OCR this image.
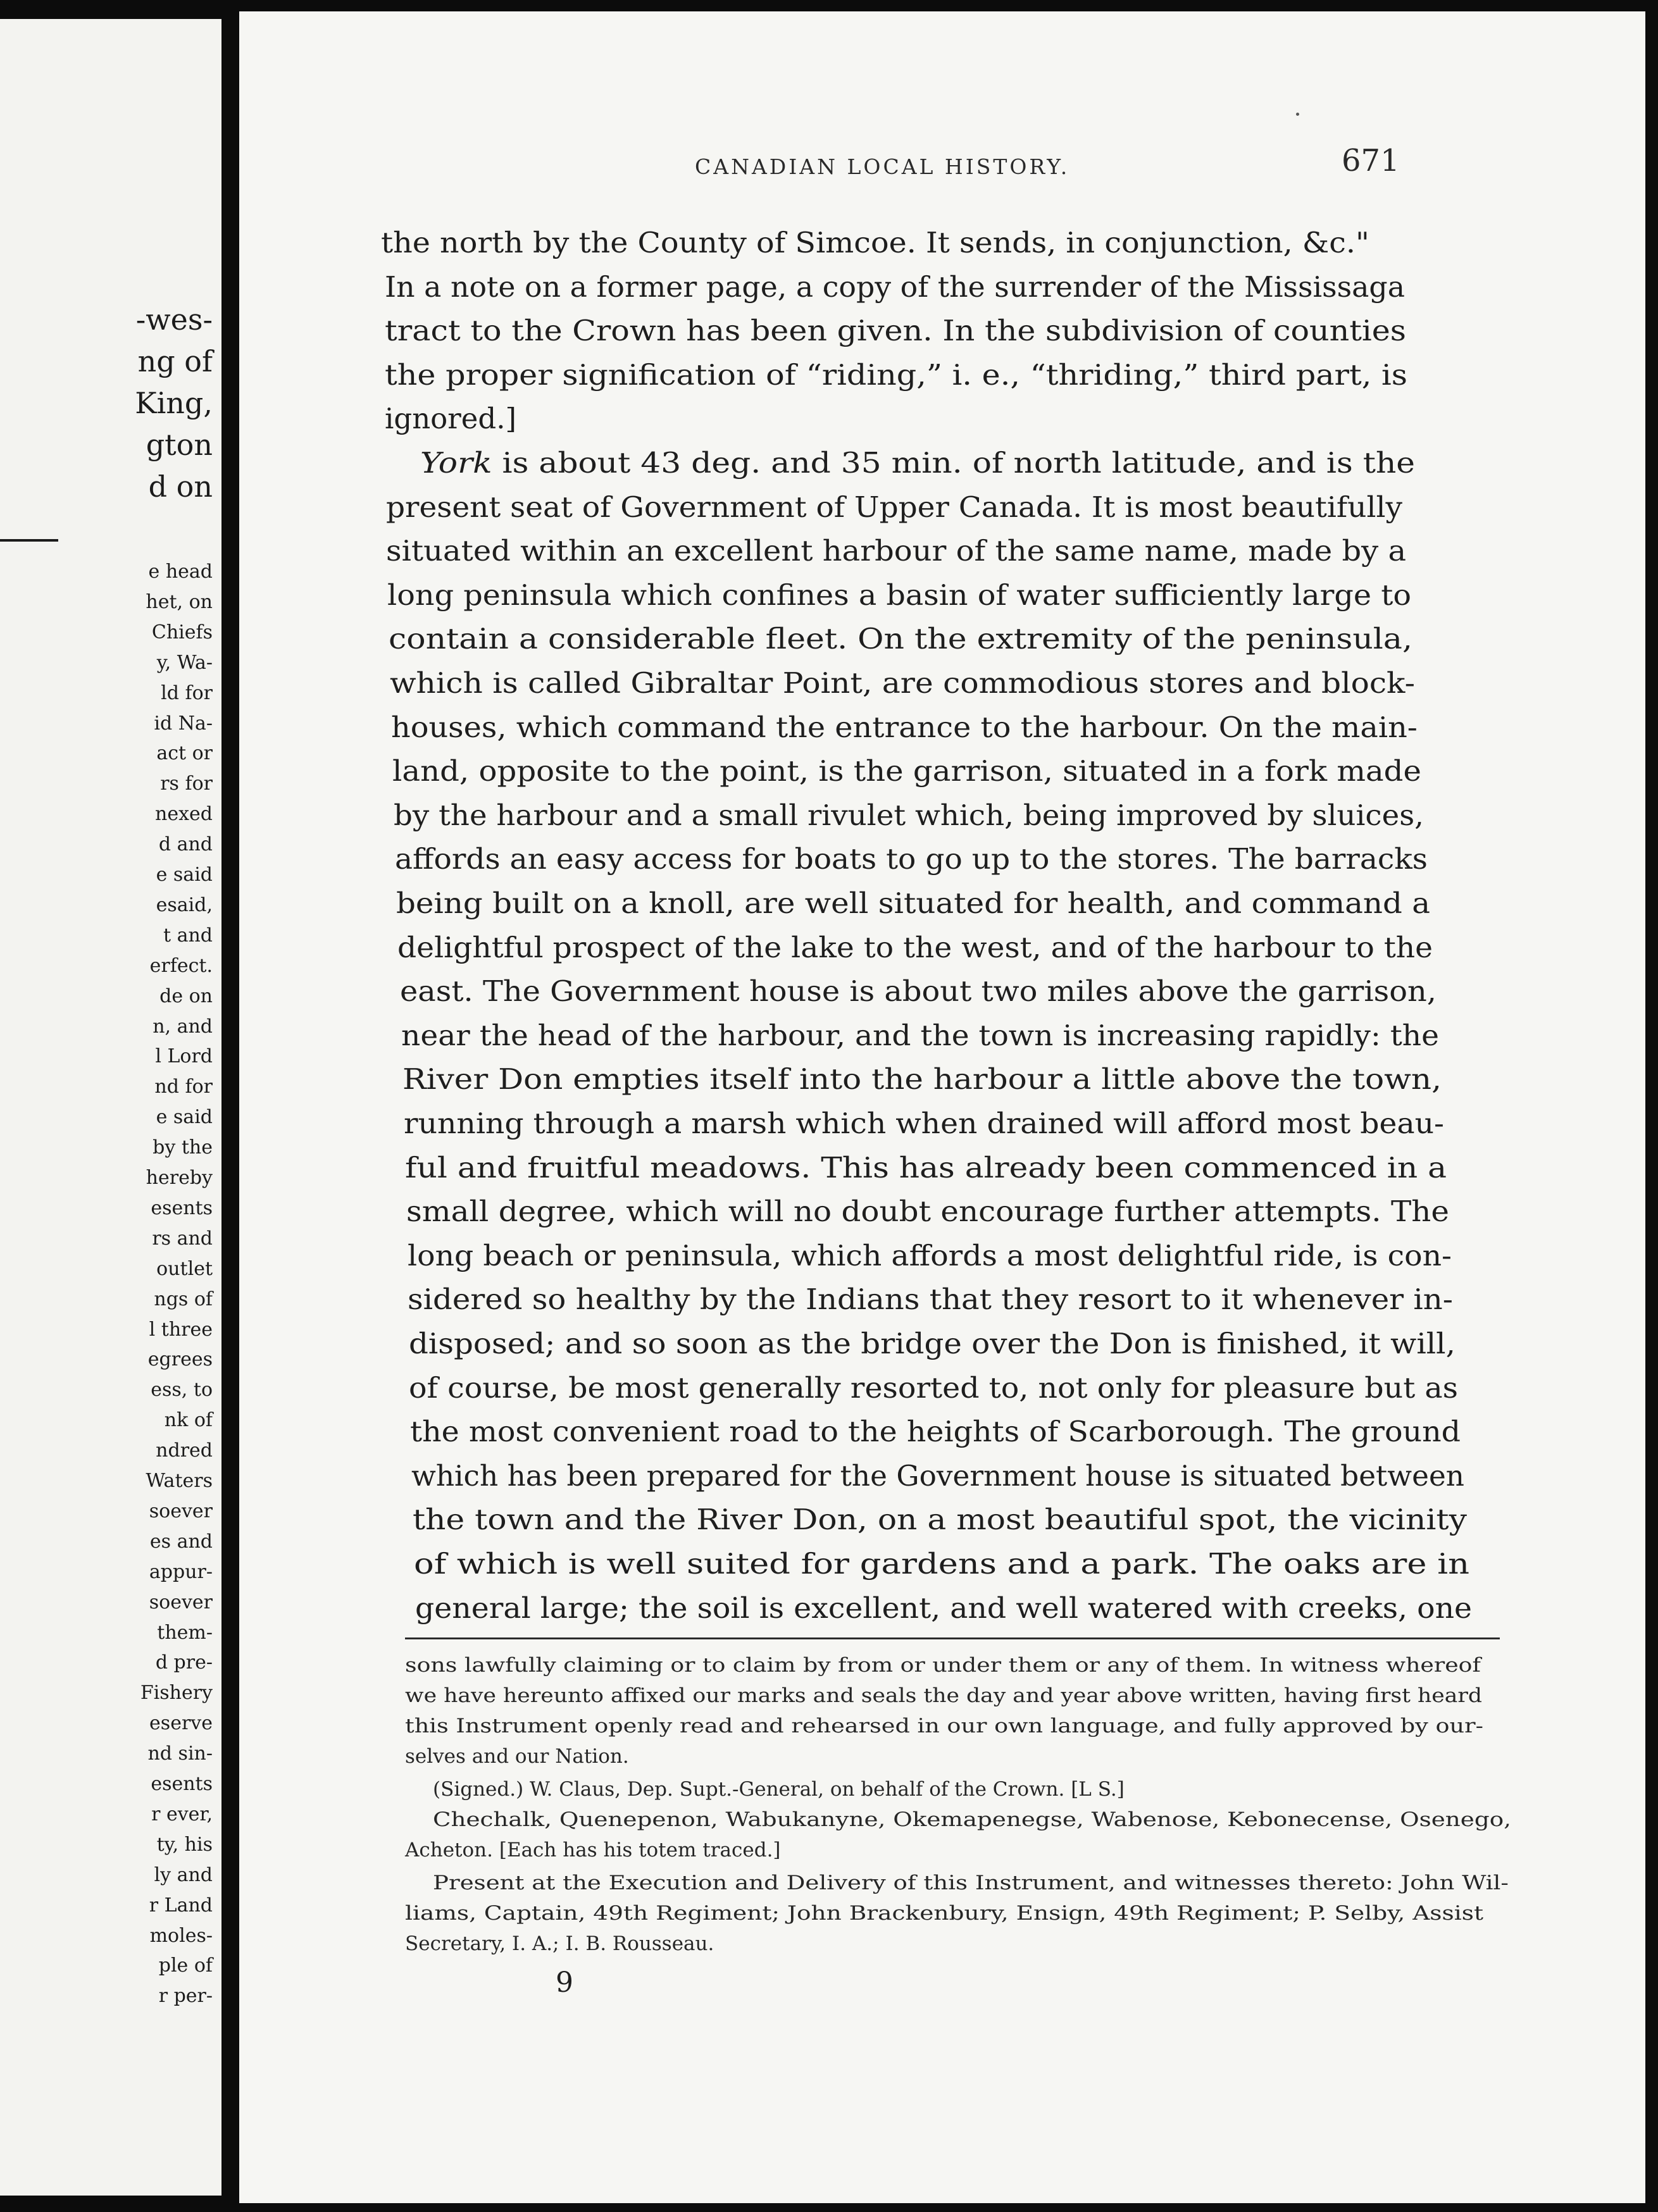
-wes-
ng of
King,
gton
d on
e head
het, on
Chiefs
y, Wa-
ld for
id Na-
act or
rs for
nexed
d and
e said
esaid,
t and
erfect.
de on
n, and
l Lord
nd for
e said
by the
hereby
esents
rs and
outlet
ngs of
l three
egrees
ess, to
nk of
ndred
Waters
soever
es and
appur-
soever
them-
d pre-
Fishery
eserve
nd sin-
esents
r ever,
ty, his
ly and
r Land
moles-
ple of
r per-
CANADIAN LOCAL HISTORY.	671
the north by the County of Simcoe. It sends, in conjunction, &c."
In a note on a former page, a copy of the surrender of the Mississaga
tract to the Crown has been given. In the subdivision of counties
the proper signification of “riding,” i. e., “thriding,” third part, is
ignored.]
York is about 43 deg. and 35 min. of north latitude, and is the
present seat of Government of Upper Canada. It is most beautifully
situated within an excellent harbour of the same name, made by a
long peninsula which confines a basin of water sufficiently large to
contain a considerable fleet. On the extremity of the peninsula,
which is called Gibraltar Point, are commodious stores and block-
houses, which command the entrance to the harbour. On the main-
land, opposite to the point, is the garrison, situated in a fork made
by the harbour and a small rivulet which, being improved by sluices,
affords an easy access for boats to go up to the stores. The barracks
being built on a knoll, are well situated for health, and command a
delightful prospect of the lake to the west, and of the harbour to the
east. The Government house is about two miles above the garrison,
near the head of the harbour, and the town is increasing rapidly: the
River Don empties itself into the harbour a little above the town,
running through a marsh which when drained will afford most beau-
ful and fruitful meadows. This has already been commenced in a
small degree, which will no doubt encourage further attempts. The
long beach or peninsula, which affords a most delightful ride, is con-
sidered so healthy by the Indians that they resort to it whenever in-
disposed; and so soon as the bridge over the Don is finished, it will,
of course, be most generally resorted to, not only for pleasure but as
the most convenient road to the heights of Scarborough. The ground
which has been prepared for the Government house is situated between
the town and the River Don, on a most beautiful spot, the vicinity
of which is well suited for gardens and a park. The oaks are in
general large; the soil is excellent, and well watered with creeks, one
sons lawfully claiming or to claim by from or under them or any of them. In witness whereof
we have hereunto affixed our marks and seals the day and year above written, having first heard
this Instrument openly read and rehearsed in our own language, and fully approved by our-
selves and our Nation.
(Signed.) W. Claus, Dep. Supt.-General, on behalf of the Crown. [L S.]
Chechalk, Quenepenon, Wabukanyne, Okemapenegse, Wabenose, Kebonecense, Osenego,
Acheton. [Each has his totem traced.]
Present at the Execution and Delivery of this Instrument, and witnesses thereto: John Wil-
liams, Captain, 49th Regiment; John Brackenbury, Ensign, 49th Regiment; P. Selby, Assist
Secretary, I. A.; I. B. Rousseau.
9
